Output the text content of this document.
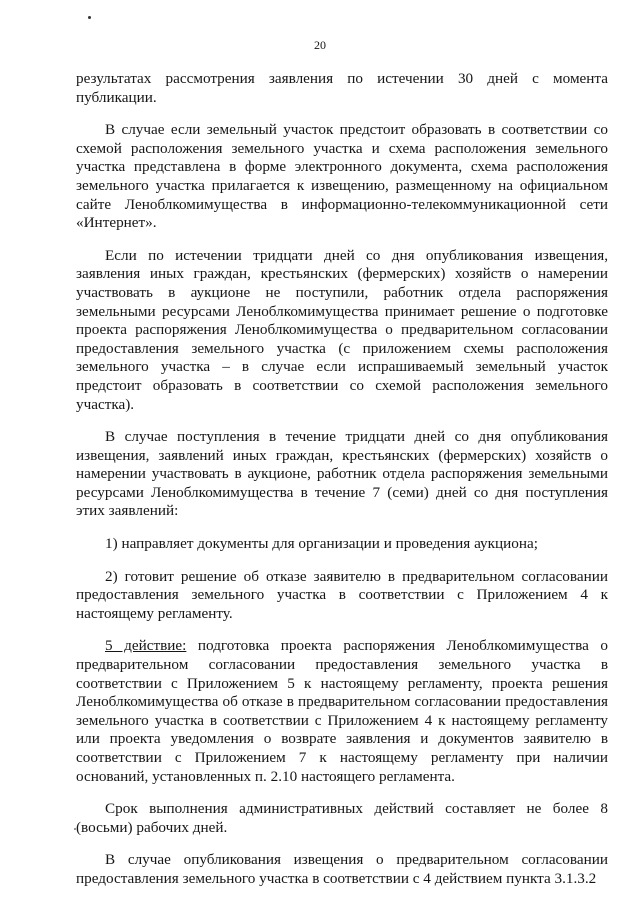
20

результатах рассмотрения заявления по истечении 30 дней с момента публикации.

В случае если земельный участок предстоит образовать в соответствии со схемой расположения земельного участка и схема расположения земельного участка представлена в форме электронного документа, схема расположения земельного участка прилагается к извещению, размещенному на официальном сайте Леноблкомимущества в информационно-телекоммуникационной сети «Интернет».

Если по истечении тридцати дней со дня опубликования извещения, заявления иных граждан, крестьянских (фермерских) хозяйств о намерении участвовать в аукционе не поступили, работник отдела распоряжения земельными ресурсами Леноблкомимущества принимает решение о подготовке проекта распоряжения Леноблкомимущества о предварительном согласовании предоставления земельного участка (с приложением схемы расположения земельного участка – в случае если испрашиваемый земельный участок предстоит образовать в соответствии со схемой расположения земельного участка).

В случае поступления в течение тридцати дней со дня опубликования извещения, заявлений иных граждан, крестьянских (фермерских) хозяйств о намерении участвовать в аукционе, работник отдела распоряжения земельными ресурсами Леноблкомимущества в течение 7 (семи) дней со дня поступления этих заявлений:

1) направляет документы для организации и проведения аукциона;

2) готовит решение об отказе заявителю в предварительном согласовании предоставления земельного участка в соответствии с Приложением 4 к настоящему регламенту.

5 действие: подготовка проекта распоряжения Леноблкомимущества о предварительном согласовании предоставления земельного участка в соответствии с Приложением 5 к настоящему регламенту, проекта решения Леноблкомимущества об отказе в предварительном согласовании предоставления земельного участка в соответствии с Приложением 4 к настоящему регламенту или проекта уведомления о возврате заявления и документов заявителю в соответствии с Приложением 7 к настоящему регламенту при наличии оснований, установленных п. 2.10 настоящего регламента.

Срок выполнения административных действий составляет не более 8 (восьми) рабочих дней.

В случае опубликования извещения о предварительном согласовании предоставления земельного участка в соответствии с 4 действием пункта 3.1.3.2
